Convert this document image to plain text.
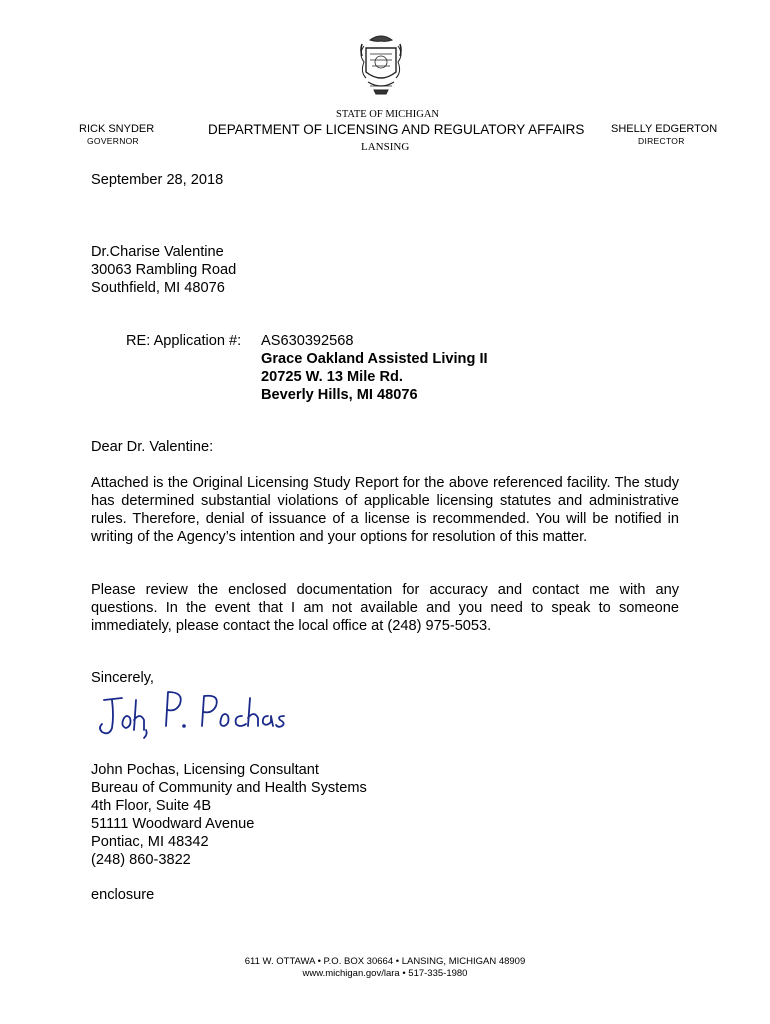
RICK SNYDER
GOVERNOR
STATE OF MICHIGAN
DEPARTMENT OF LICENSING AND REGULATORY AFFAIRS
LANSING
SHELLY EDGERTON
DIRECTOR
September 28, 2018
Dr.Charise Valentine
30063 Rambling Road
Southfield, MI 48076
RE: Application #: AS630392568
Grace Oakland Assisted Living II
20725 W. 13 Mile Rd.
Beverly Hills, MI 48076
Dear Dr. Valentine:
Attached is the Original Licensing Study Report for the above referenced facility. The study has determined substantial violations of applicable licensing statutes and administrative rules. Therefore, denial of issuance of a license is recommended. You will be notified in writing of the Agency’s intention and your options for resolution of this matter.
Please review the enclosed documentation for accuracy and contact me with any questions. In the event that I am not available and you need to speak to someone immediately, please contact the local office at (248) 975-5053.
Sincerely,
John Pochas, Licensing Consultant
Bureau of Community and Health Systems
4th Floor, Suite 4B
51111 Woodward Avenue
Pontiac, MI 48342
(248) 860-3822
enclosure
611 W. OTTAWA • P.O. BOX 30664 • LANSING, MICHIGAN 48909
www.michigan.gov/lara • 517-335-1980
